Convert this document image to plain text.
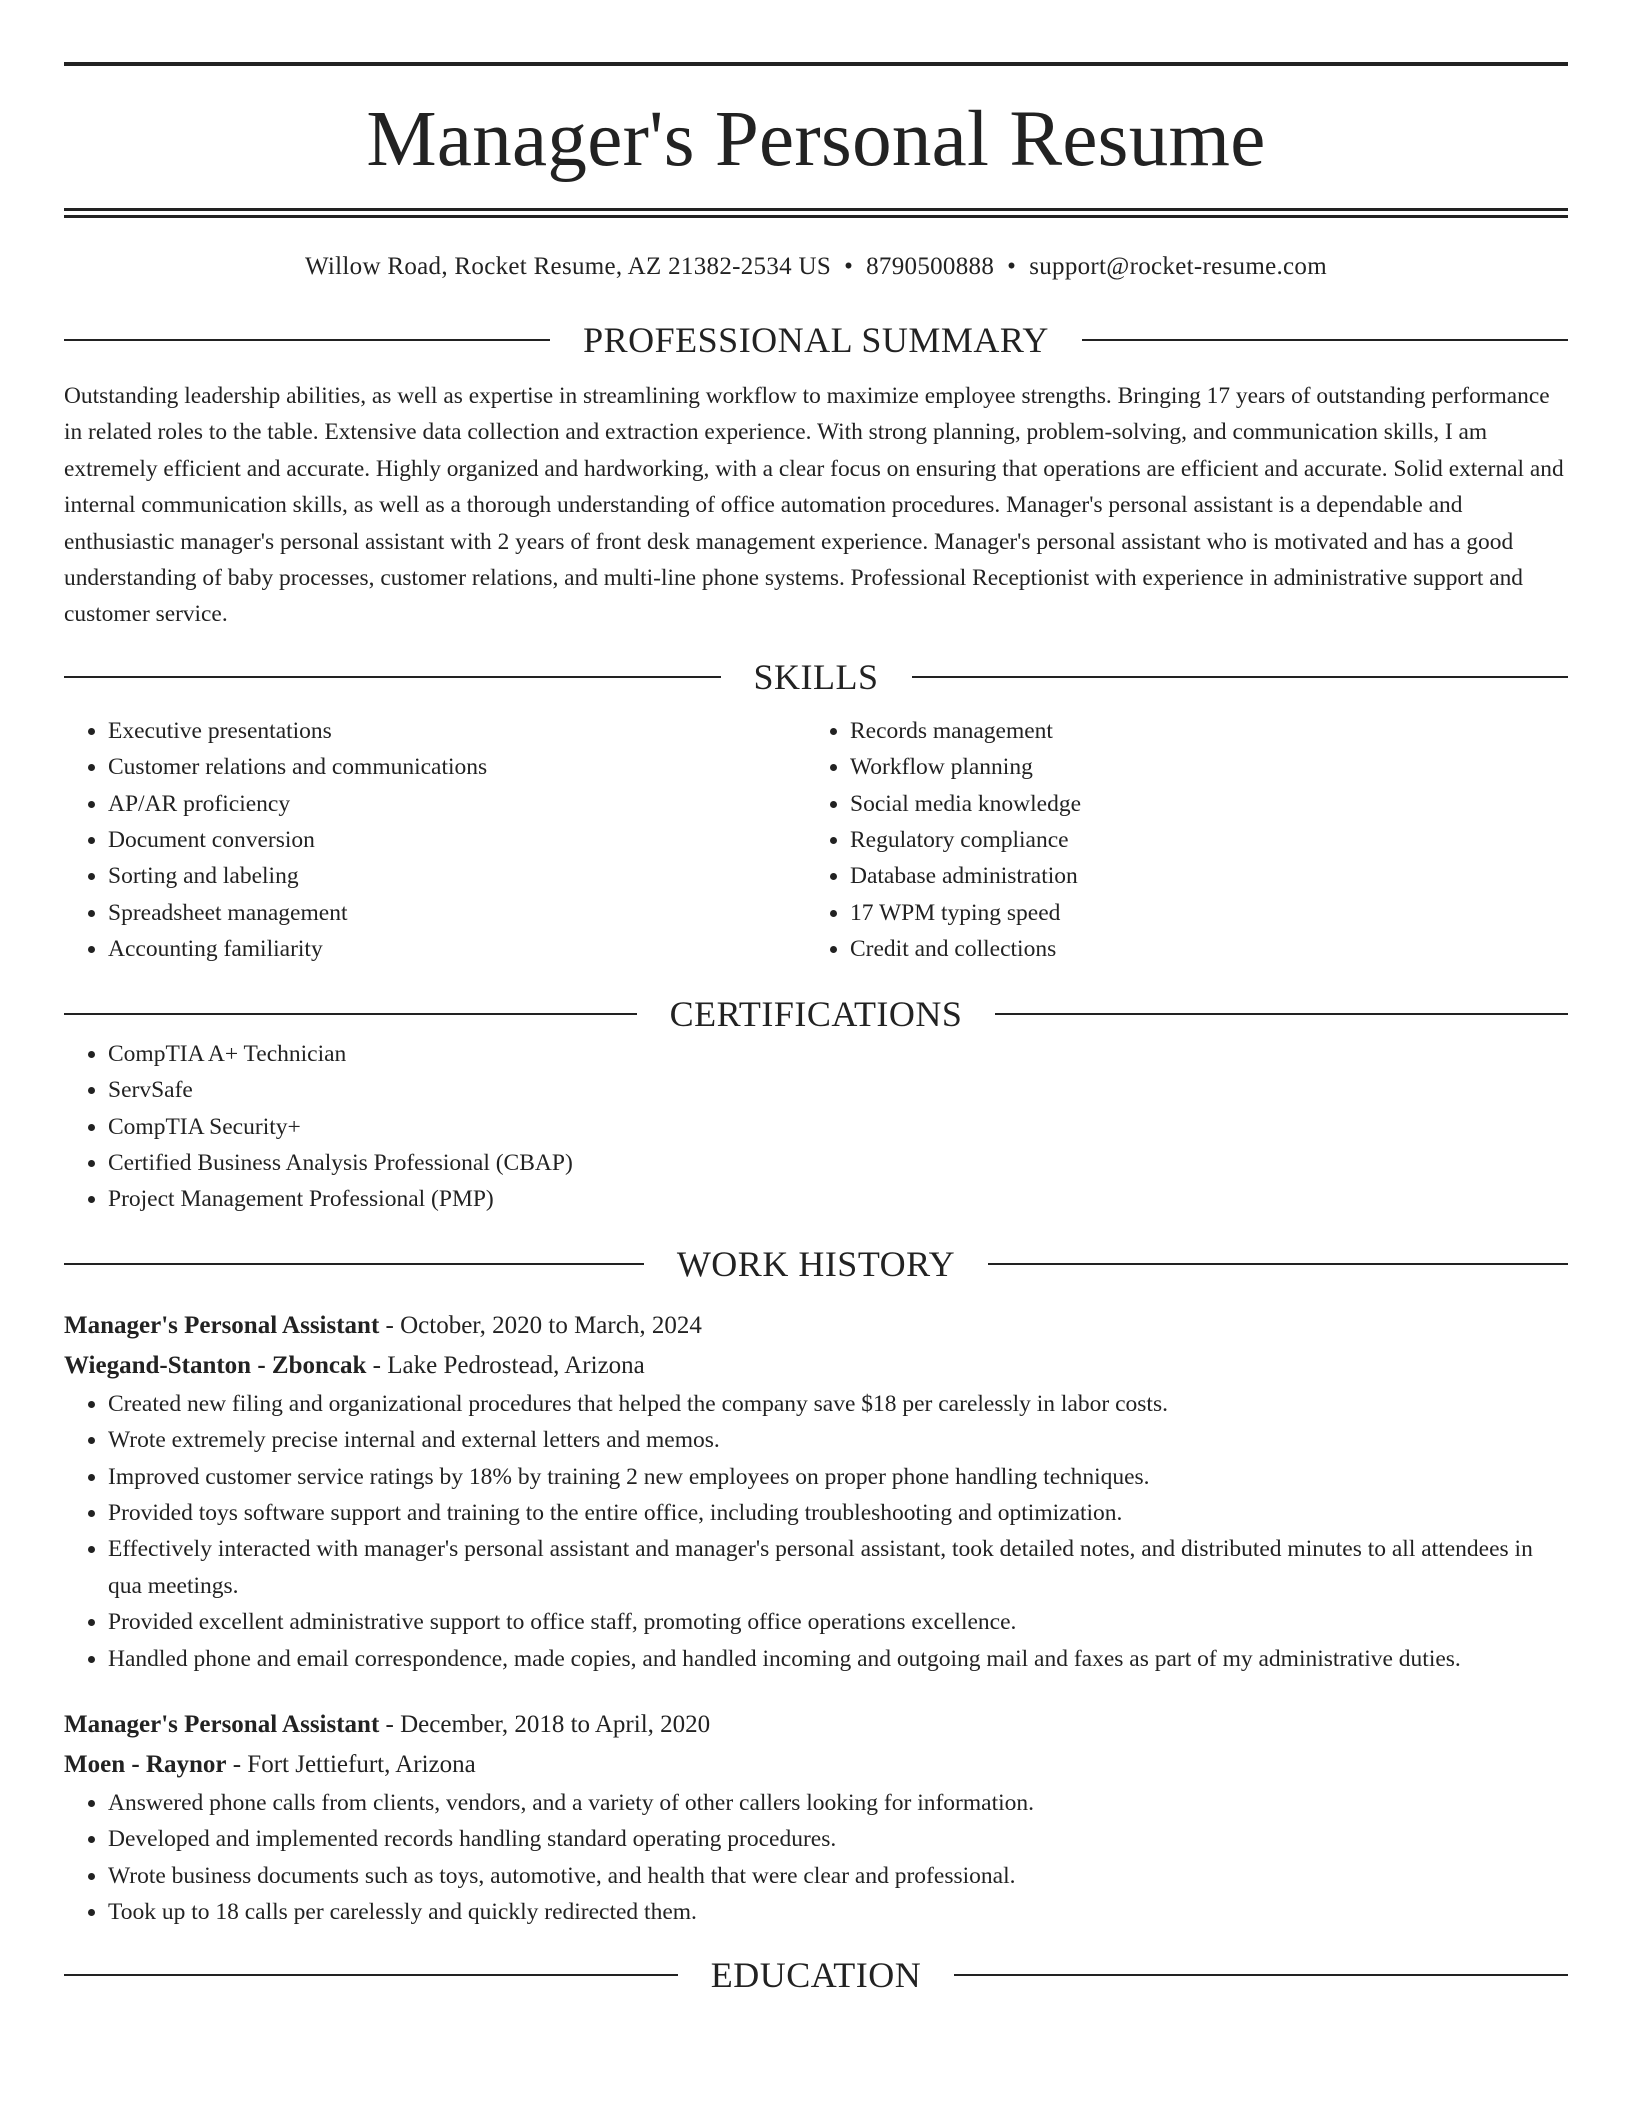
Manager's Personal Resume
Willow Road, Rocket Resume, AZ 21382-2534 US • 8790500888 • support@rocket-resume.com
PROFESSIONAL SUMMARY

Outstanding leadership abilities, as well as expertise in streamlining workflow to maximize employee strengths. Bringing 17 years of outstanding performance in related roles to the table. Extensive data collection and extraction experience. With strong planning, problem-solving, and communication skills, I am extremely efficient and accurate. Highly organized and hardworking, with a clear focus on ensuring that operations are efficient and accurate. Solid external and internal communication skills, as well as a thorough understanding of office automation procedures. Manager's personal assistant is a dependable and enthusiastic manager's personal assistant with 2 years of front desk management experience. Manager's personal assistant who is motivated and has a good understanding of baby processes, customer relations, and multi-line phone systems. Professional Receptionist with experience in administrative support and customer service.

SKILLS
• Executive presentations
• Customer relations and communications
• AP/AR proficiency
• Document conversion
• Sorting and labeling
• Spreadsheet management
• Accounting familiarity
• Records management
• Workflow planning
• Social media knowledge
• Regulatory compliance
• Database administration
• 17 WPM typing speed
• Credit and collections
CERTIFICATIONS
• CompTIA A+ Technician
• ServSafe
• CompTIA Security+
• Certified Business Analysis Professional (CBAP)
• Project Management Professional (PMP)
WORK HISTORY
Manager's Personal Assistant - October, 2020 to March, 2024
Wiegand-Stanton - Zboncak - Lake Pedrostead, Arizona
• Created new filing and organizational procedures that helped the company save $18 per carelessly in labor costs.
• Wrote extremely precise internal and external letters and memos.
• Improved customer service ratings by 18% by training 2 new employees on proper phone handling techniques.
• Provided toys software support and training to the entire office, including troubleshooting and optimization.
• Effectively interacted with manager's personal assistant and manager's personal assistant, took detailed notes, and distributed minutes to all attendees in qua meetings.
• Provided excellent administrative support to office staff, promoting office operations excellence.
• Handled phone and email correspondence, made copies, and handled incoming and outgoing mail and faxes as part of my administrative duties.
Manager's Personal Assistant - December, 2018 to April, 2020
Moen - Raynor - Fort Jettiefurt, Arizona
• Answered phone calls from clients, vendors, and a variety of other callers looking for information.
• Developed and implemented records handling standard operating procedures.
• Wrote business documents such as toys, automotive, and health that were clear and professional.
• Took up to 18 calls per carelessly and quickly redirected them.
EDUCATION
